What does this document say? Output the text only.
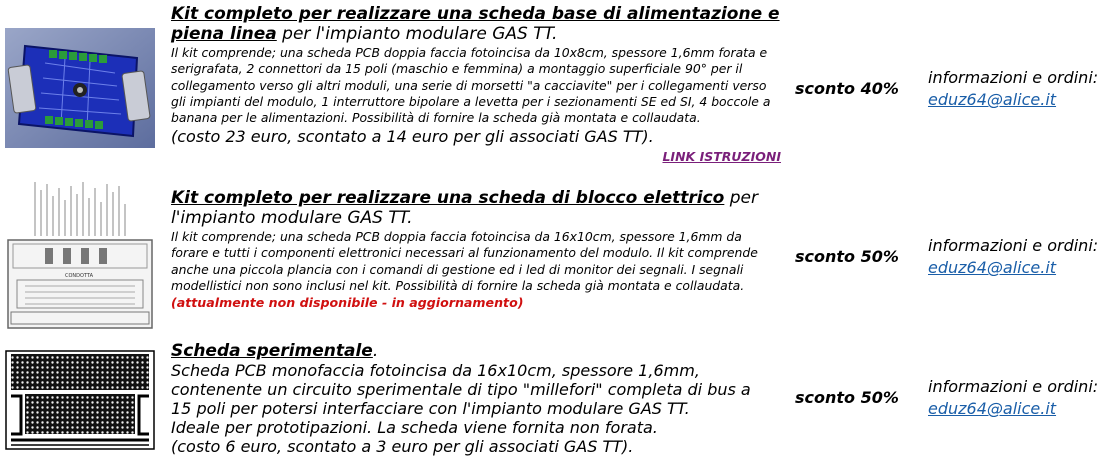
Kit completo per realizzare una scheda base di alimentazione e piena linea per l'impianto modulare GAS TT.
Il kit comprende; una scheda PCB doppia faccia fotoincisa da 10x8cm, spessore 1,6mm forata e serigrafata, 2 connettori da 15 poli (maschio e femmina) a montaggio superficiale 90° per il collegamento verso gli altri moduli, una serie di morsetti "a cacciavite" per i collegamenti verso gli impianti del modulo, 1 interruttore bipolare a levetta per i sezionamenti SE ed SI, 4 boccole a banana per le alimentazioni. Possibilità di fornire la scheda già montata e collaudata.
(costo 23 euro, scontato a 14 euro per gli associati GAS TT).
LINK ISTRUZIONI
sconto 40%
informazioni e ordini:
eduz64@alice.it
CONDOTTA
Kit completo per realizzare una scheda di blocco elettrico per l'impianto modulare GAS TT.
Il kit comprende; una scheda PCB doppia faccia fotoincisa da 16x10cm, spessore 1,6mm da forare e tutti i componenti elettronici necessari al funzionamento del modulo. Il kit comprende anche una piccola plancia con i comandi di gestione ed i led di monitor dei segnali. I segnali modellistici non sono inclusi nel kit. Possibilità di fornire la scheda già montata e collaudata.
(attualmente non disponibile - in aggiornamento)
sconto 50%
informazioni e ordini:
eduz64@alice.it
Scheda sperimentale.
Scheda PCB monofaccia fotoincisa da 16x10cm, spessore 1,6mm,
contenente un circuito sperimentale di tipo "millefori" completa di bus a
15 poli per potersi interfacciare con l'impianto modulare GAS TT.
Ideale per prototipazioni. La scheda viene fornita non forata.
(costo 6 euro, scontato a 3 euro per gli associati GAS TT).
sconto 50%
informazioni e ordini:
eduz64@alice.it
